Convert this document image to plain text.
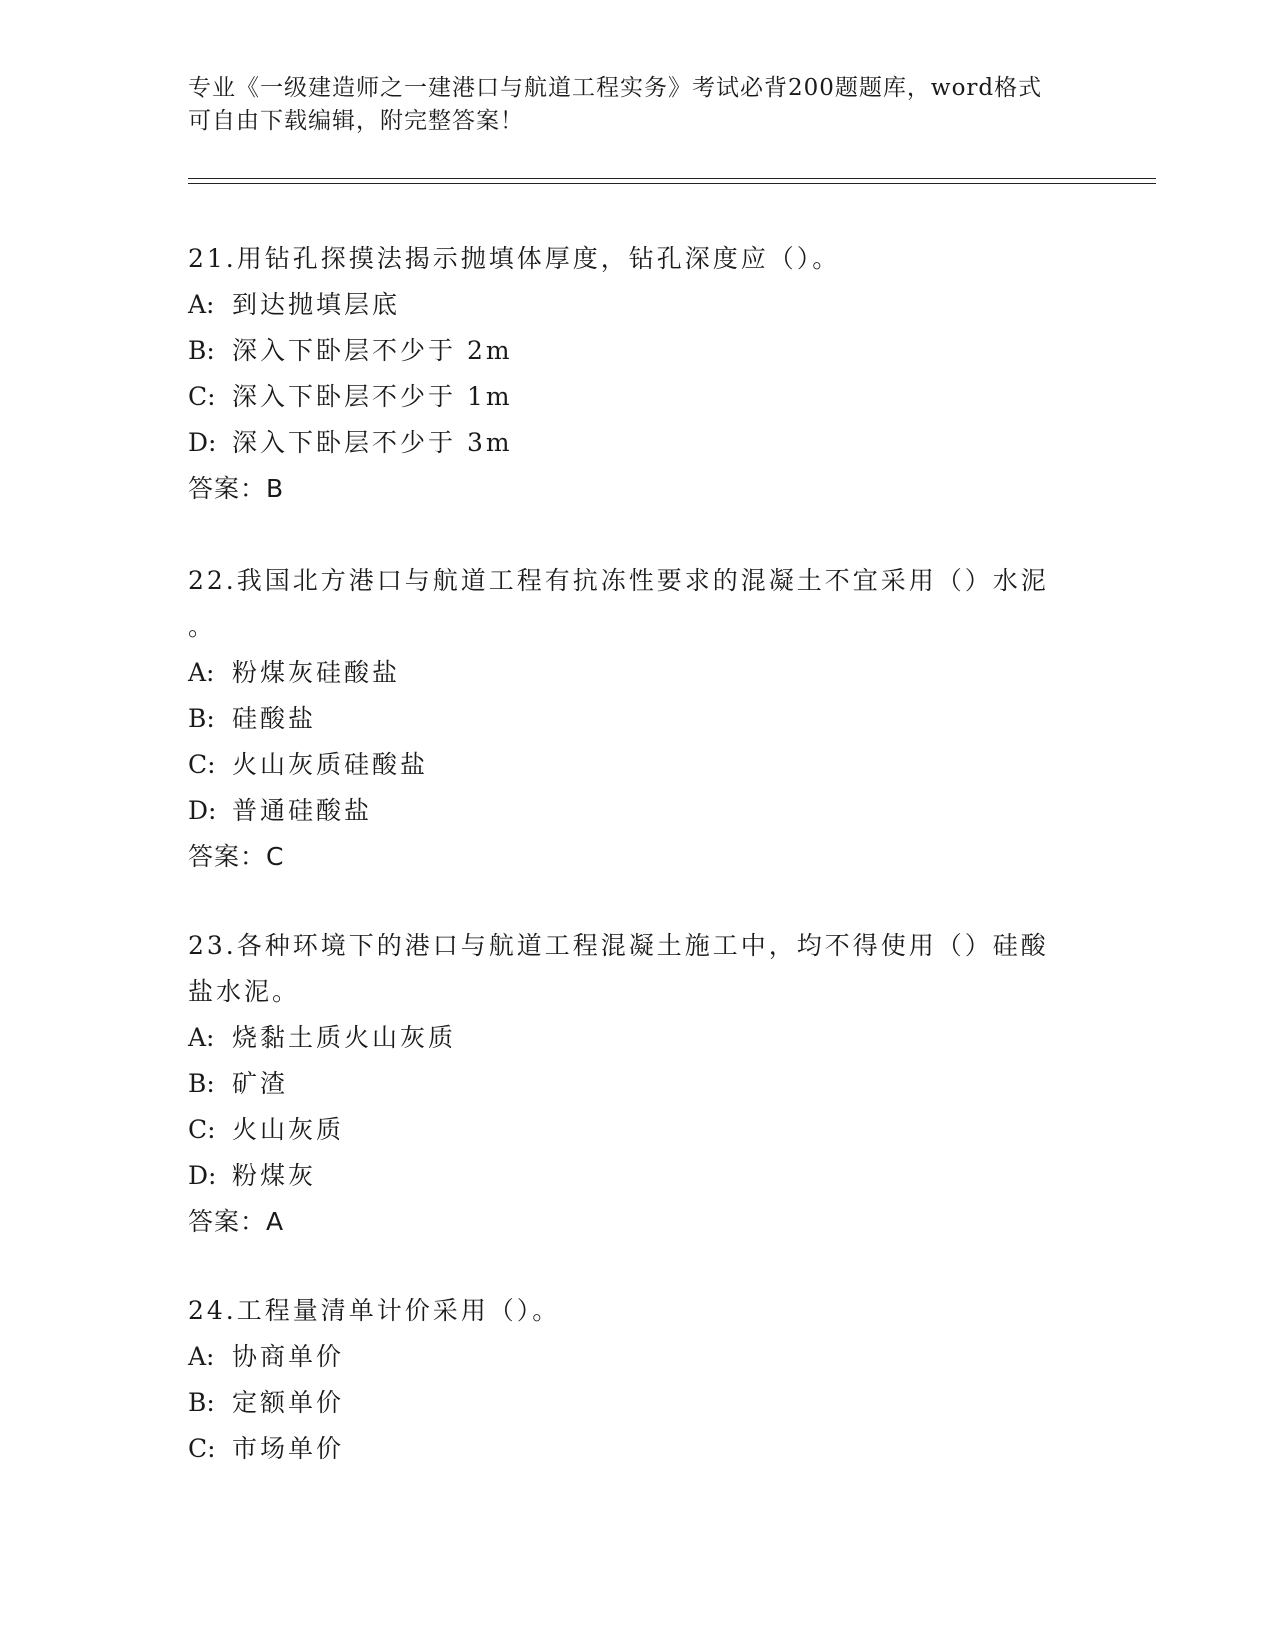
专业《一级建造师之一建港口与航道工程实务》考试必背200题题库，word格式
可自由下载编辑，附完整答案！
21.用钻孔探摸法揭示抛填体厚度，钻孔深度应（）。
A: 到达抛填层底
B: 深入下卧层不少于 2m
C: 深入下卧层不少于 1m
D: 深入下卧层不少于 3m
答案：B
22.我国北方港口与航道工程有抗冻性要求的混凝土不宜采用（）水泥
。
A: 粉煤灰硅酸盐
B: 硅酸盐
C: 火山灰质硅酸盐
D: 普通硅酸盐
答案：C
23.各种环境下的港口与航道工程混凝土施工中，均不得使用（）硅酸
盐水泥。
A: 烧黏土质火山灰质
B: 矿渣
C: 火山灰质
D: 粉煤灰
答案：A
24.工程量清单计价采用（）。
A: 协商单价
B: 定额单价
C: 市场单价
